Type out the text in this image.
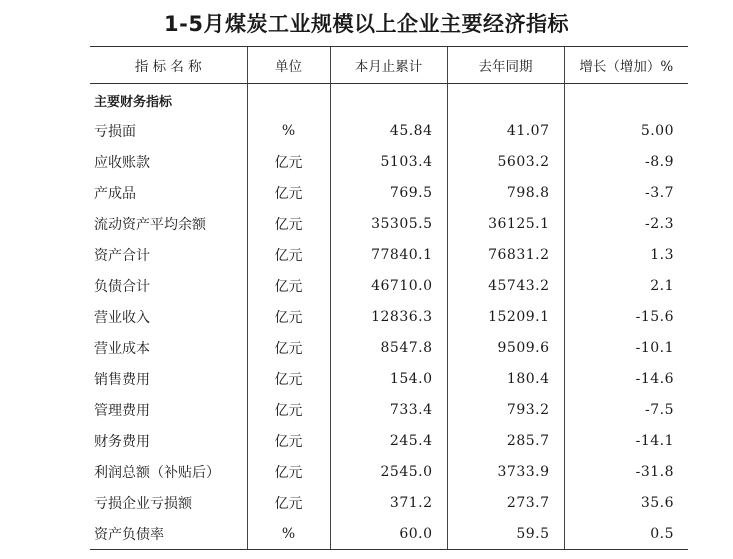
1-5月煤炭工业规模以上企业主要经济指标
指 标 名 称	单位	本月止累计	去年同期	增长（增加）%
主要财务指标				
亏损面	%	45.84	41.07	5.00
应收账款	亿元	5103.4	5603.2	-8.9
产成品	亿元	769.5	798.8	-3.7
流动资产平均余额	亿元	35305.5	36125.1	-2.3
资产合计	亿元	77840.1	76831.2	1.3
负债合计	亿元	46710.0	45743.2	2.1
营业收入	亿元	12836.3	15209.1	-15.6
营业成本	亿元	8547.8	9509.6	-10.1
销售费用	亿元	154.0	180.4	-14.6
管理费用	亿元	733.4	793.2	-7.5
财务费用	亿元	245.4	285.7	-14.1
利润总额（补贴后）	亿元	2545.0	3733.9	-31.8
亏损企业亏损额	亿元	371.2	273.7	35.6
资产负债率	%	60.0	59.5	0.5
